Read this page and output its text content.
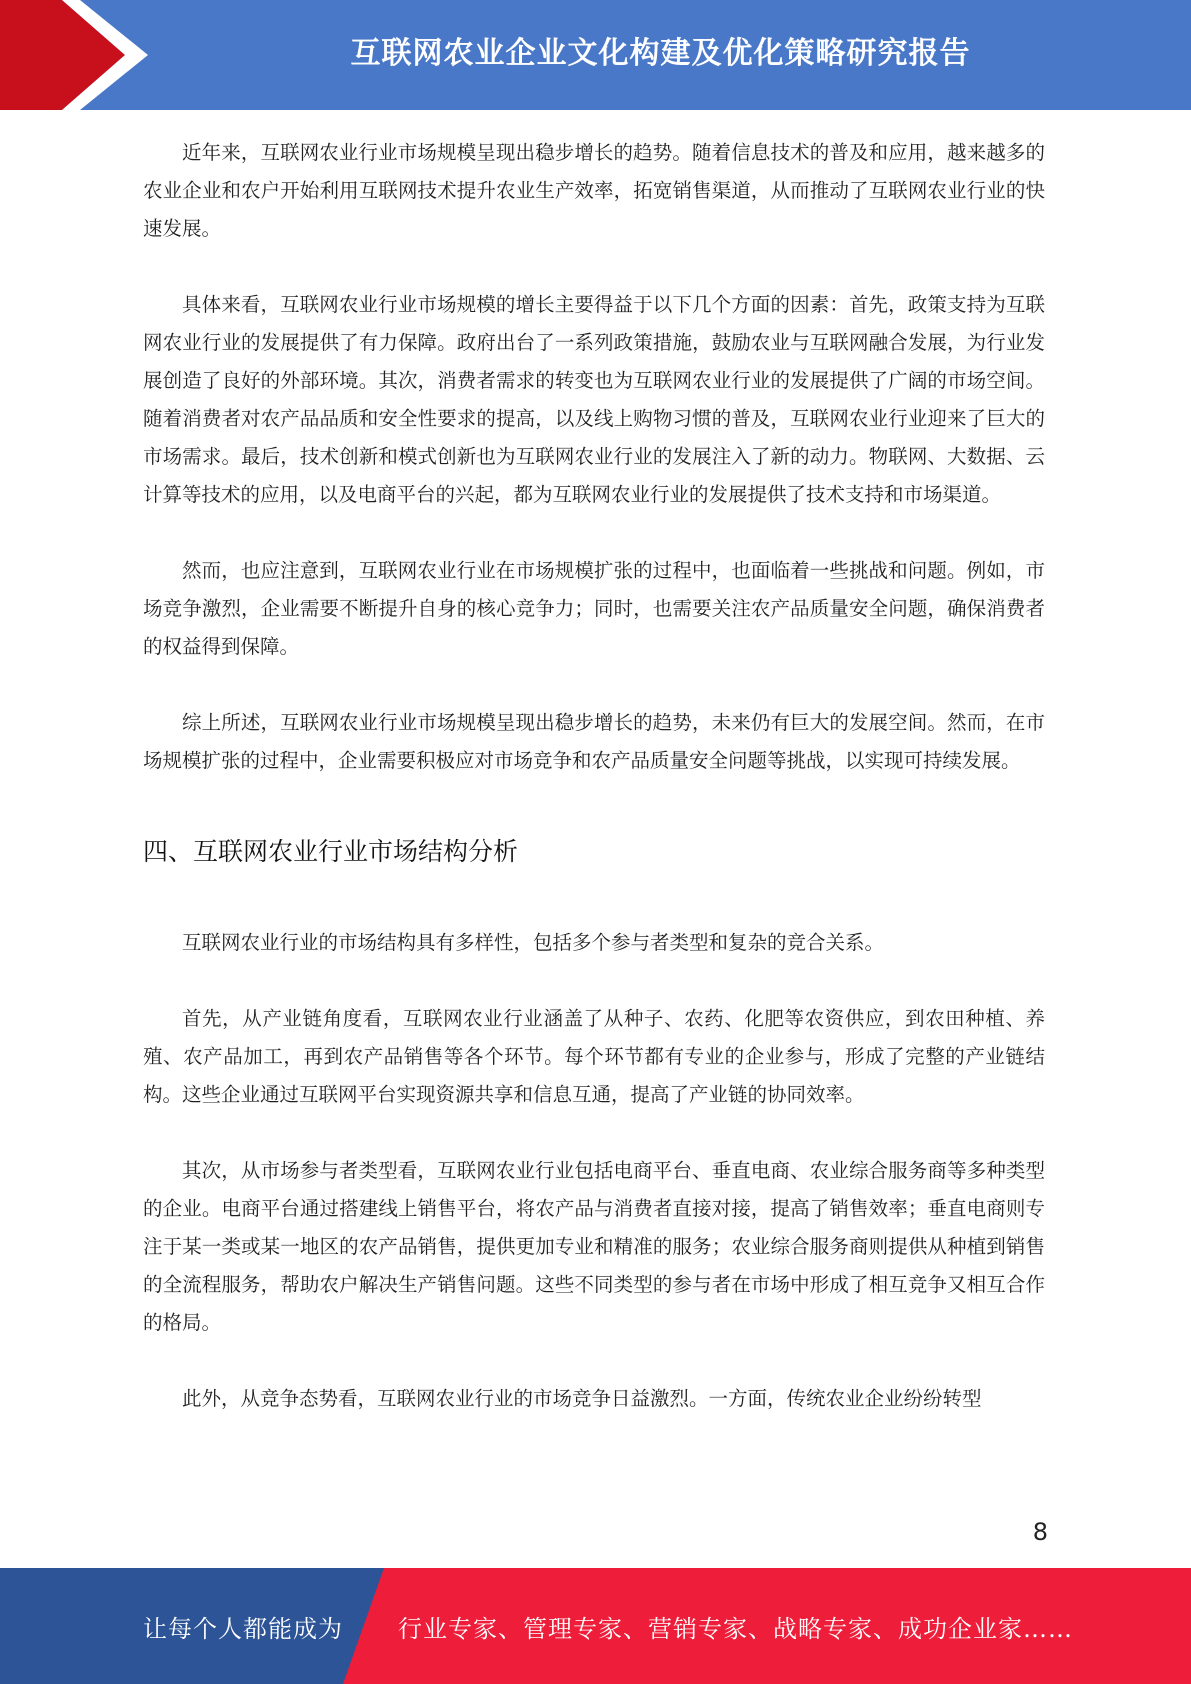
互联网农业企业文化构建及优化策略研究报告

近年来，互联网农业行业市场规模呈现出稳步增长的趋势。随着信息技术的普及和应用，越来越多的农业企业和农户开始利用互联网技术提升农业生产效率，拓宽销售渠道，从而推动了互联网农业行业的快速发展。

具体来看，互联网农业行业市场规模的增长主要得益于以下几个方面的因素：首先，政策支持为互联网农业行业的发展提供了有力保障。政府出台了一系列政策措施，鼓励农业与互联网融合发展，为行业发展创造了良好的外部环境。其次，消费者需求的转变也为互联网农业行业的发展提供了广阔的市场空间。随着消费者对农产品品质和安全性要求的提高，以及线上购物习惯的普及，互联网农业行业迎来了巨大的市场需求。最后，技术创新和模式创新也为互联网农业行业的发展注入了新的动力。物联网、大数据、云计算等技术的应用，以及电商平台的兴起，都为互联网农业行业的发展提供了技术支持和市场渠道。

然而，也应注意到，互联网农业行业在市场规模扩张的过程中，也面临着一些挑战和问题。例如，市场竞争激烈，企业需要不断提升自身的核心竞争力；同时，也需要关注农产品质量安全问题，确保消费者的权益得到保障。

综上所述，互联网农业行业市场规模呈现出稳步增长的趋势，未来仍有巨大的发展空间。然而，在市场规模扩张的过程中，企业需要积极应对市场竞争和农产品质量安全问题等挑战，以实现可持续发展。

四、互联网农业行业市场结构分析

互联网农业行业的市场结构具有多样性，包括多个参与者类型和复杂的竞合关系。

首先，从产业链角度看，互联网农业行业涵盖了从种子、农药、化肥等农资供应，到农田种植、养殖、农产品加工，再到农产品销售等各个环节。每个环节都有专业的企业参与，形成了完整的产业链结构。这些企业通过互联网平台实现资源共享和信息互通，提高了产业链的协同效率。

其次，从市场参与者类型看，互联网农业行业包括电商平台、垂直电商、农业综合服务商等多种类型的企业。电商平台通过搭建线上销售平台，将农产品与消费者直接对接，提高了销售效率；垂直电商则专注于某一类或某一地区的农产品销售，提供更加专业和精准的服务；农业综合服务商则提供从种植到销售的全流程服务，帮助农户解决生产销售问题。这些不同类型的参与者在市场中形成了相互竞争又相互合作的格局。

此外，从竞争态势看，互联网农业行业的市场竞争日益激烈。一方面，传统农业企业纷纷转型

8
让每个人都能成为 行业专家、管理专家、营销专家、战略专家、成功企业家……
